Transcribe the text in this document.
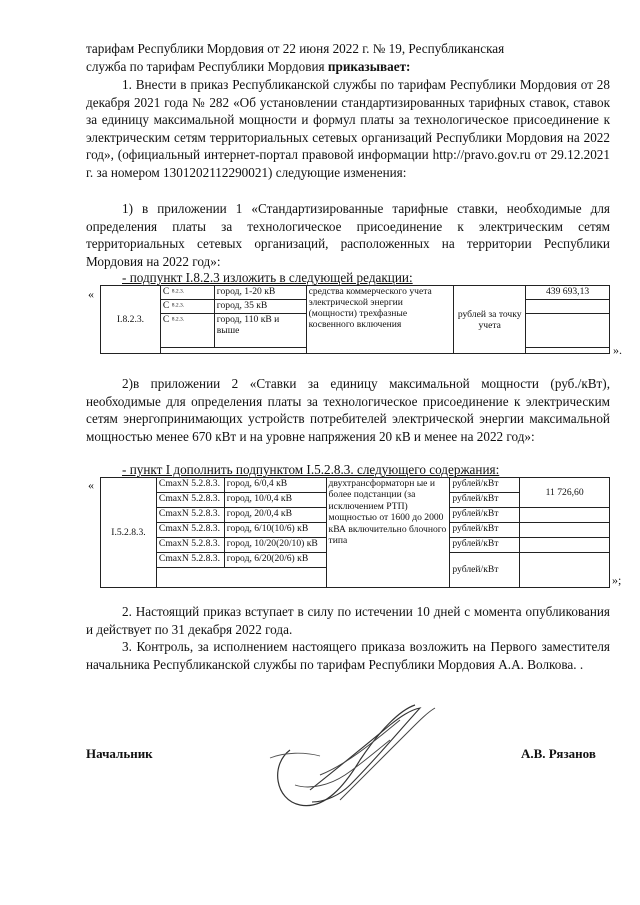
тарифам Республики Мордовия от 22 июня 2022 г. № 19, Республиканская
служба по тарифам Республики Мордовия приказывает:

1. Внести в приказ Республиканской службы по тарифам Республики Мордовия от 28 декабря 2021 года № 282 «Об установлении стандартизированных тарифных ставок, ставок за единицу максимальной мощности и формул платы за технологическое присоединение к электрическим сетям территориальных сетевых организаций Республики Мордовия на 2022 год», (официальный интернет-портал правовой информации http://pravo.gov.ru от 29.12.2021 г. за номером 1301202112290021) следующие изменения:

1) в приложении 1 «Стандартизированные тарифные ставки, необходимые для определения платы за технологическое присоединение к электрическим сетям территориальных сетевых организаций, расположенных на территории Республики Мордовия на 2022 год»:

- подпункт I.8.2.3 изложить в следующей редакции:

«
I.8.2.3.	С 8.2.3.	город, 1-20 кВ	средства коммерческого учета электрической энергии (мощности) трехфазные косвенного включения	рублей за точку учета	439 693,13
	С 8.2.3.	город, 35 кВ			
	С 8.2.3.	город, 110 кВ и выше			

».

2)в приложении 2 «Ставки за единицу максимальной мощности (руб./кВт), необходимые для определения платы за технологическое присоединение к электрическим сетям энергопринимающих устройств потребителей электрической энергии максимальной мощностью менее 670 кВт и на уровне напряжения 20 кВ и менее на 2022 год»:

- пункт I дополнить подпунктом I.5.2.8.3. следующего содержания:

«
I.5.2.8.3.	CmaxN 5.2.8.3.	город, 6/0,4 кВ	двухтрансформаторн ые и более подстанции (за исключением РТП) мощностью от 1600 до 2000 кВА включительно блочного типа	рублей/кВт	11 726,60
	CmaxN 5.2.8.3.	город, 10/0,4 кВ		рублей/кВт	
	CmaxN 5.2.8.3.	город, 20/0,4 кВ		рублей/кВт	
	CmaxN 5.2.8.3.	город, 6/10(10/6) кВ		рублей/кВт	
	CmaxN 5.2.8.3.	город, 10/20(20/10) кВ		рублей/кВт	
	CmaxN 5.2.8.3.	город, 6/20(20/6) кВ		рублей/кВт	

»;

2. Настоящий приказ вступает в силу по истечении 10 дней с момента опубликования и действует по 31 декабря 2022 года.

3. Контроль, за исполнением настоящего приказа возложить на Первого заместителя начальника Республиканской службы по тарифам Республики Мордовия А.А. Волкова. .

Начальник	А.В. Рязанов
